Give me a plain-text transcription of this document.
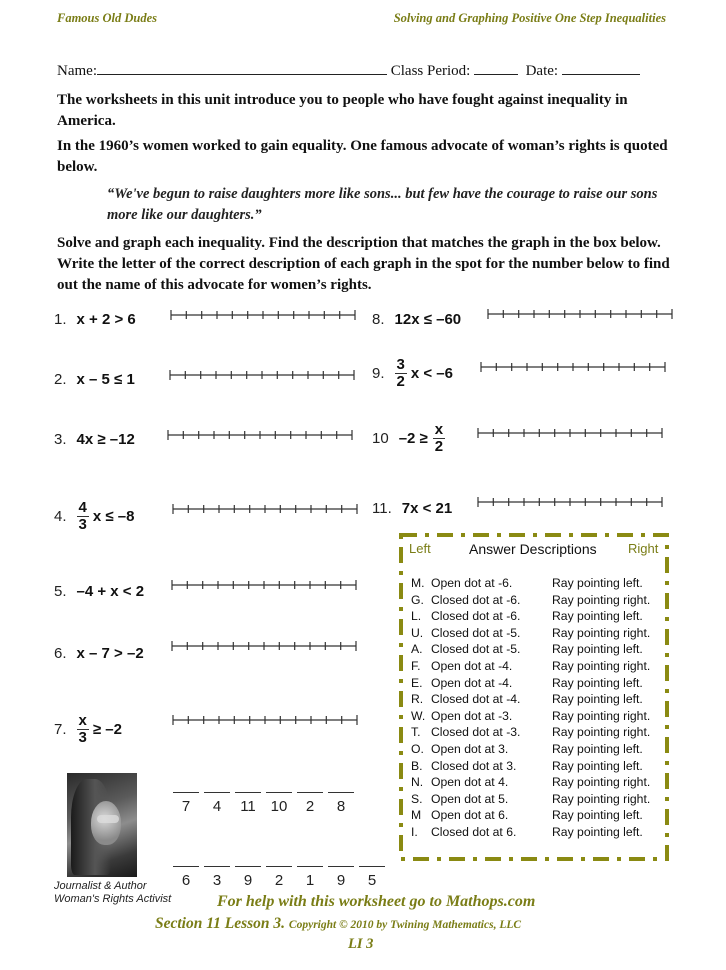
Famous Old Dudes	Solving and Graphing Positive One Step Inequalities
Name:	Class Period:	Date:
The worksheets in this unit introduce you to people who have fought against inequality in America.
In the 1960’s women worked to gain equality. One famous advocate of woman’s rights is quoted below.
“We've begun to raise daughters more like sons... but few have the courage to raise our sons more like our daughters.”
Solve and graph each inequality. Find the description that matches the graph in the box below. Write the letter of the correct description of each graph in the spot for the number below to find out the name of this advocate for women’s rights.
1. x + 2 > 6
2. x – 5 ≤ 1
3. 4x ≥ –12
4. $\frac{4}{3}$ x ≤ –8
5. –4 + x < 2
6. x – 7 > –2
7. $\frac{x}{3} \ge -2$
8. 12x ≤ –60
9. $\frac{3}{2}$ x < –6
10 $-2 \ge \frac{x}{2}$
11. 7x < 21
Left	Answer Descriptions Right
M. Open dot at -6.	Ray pointing left.
G. Closed dot at -6.	Ray pointing right.
L. Closed dot at -6.	Ray pointing left.
U. Closed dot at -5.	Ray pointing right.
A. Closed dot at -5.	Ray pointing left.
F. Open dot at -4.	Ray pointing right.
E. Open dot at -4.	Ray pointing left.
R. Closed dot at -4.	Ray pointing left.
W. Open dot at -3.	Ray pointing right.
T. Closed dot at -3.	Ray pointing right.
O. Open dot at 3.	Ray pointing left.
B. Closed dot at 3.	Ray pointing left.
N. Open dot at 4.	Ray pointing right.
S. Open dot at 5.	Ray pointing right.
M Open dot at 6.	Ray pointing left.
I.	Closed dot at 6.	Ray pointing left.
Journalist & Author
Woman's Rights Activist
7	4	11 10	2	8
6	3	9	2	1	9	5
For help with this worksheet go to Mathops.com
Section 11 Lesson 3. Copyright © 2010 by Twining Mathematics, LLC
LI 3
